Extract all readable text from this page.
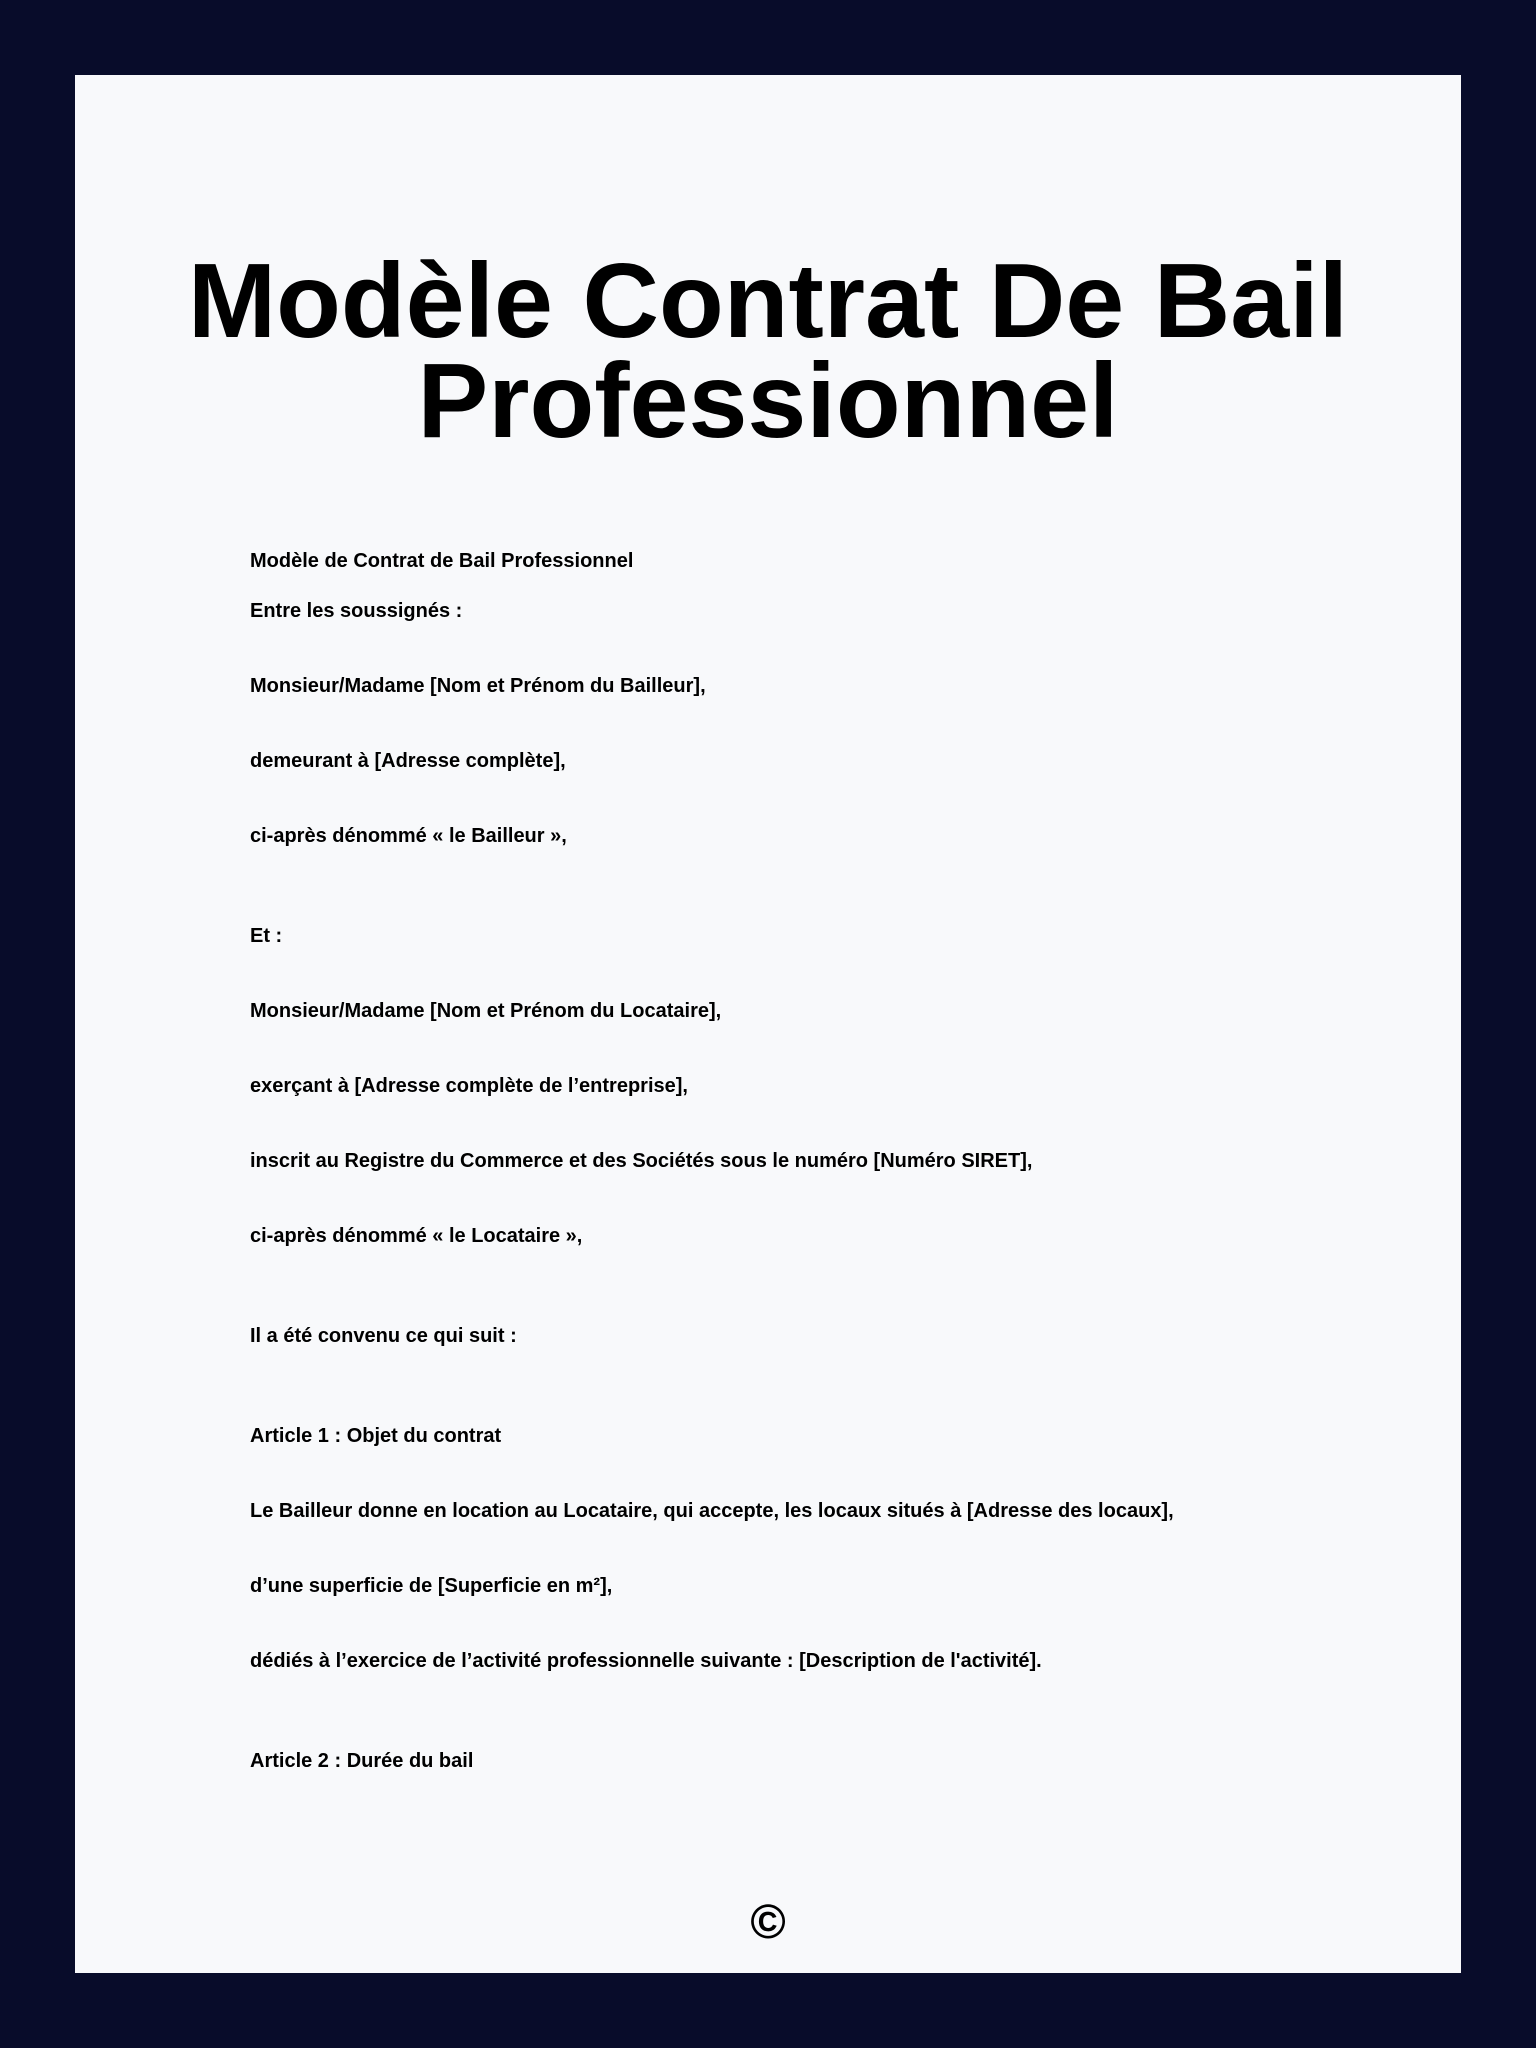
Modèle Contrat De Bail
Professionnel
Modèle de Contrat de Bail Professionnel
Entre les soussignés :
Monsieur/Madame [Nom et Prénom du Bailleur],
demeurant à [Adresse complète],
ci-après dénommé « le Bailleur »,
Et :
Monsieur/Madame [Nom et Prénom du Locataire],
exerçant à [Adresse complète de l’entreprise],
inscrit au Registre du Commerce et des Sociétés sous le numéro [Numéro SIRET],
ci-après dénommé « le Locataire »,
Il a été convenu ce qui suit :
Article 1 : Objet du contrat
Le Bailleur donne en location au Locataire, qui accepte, les locaux situés à [Adresse des locaux],
d’une superficie de [Superficie en m²],
dédiés à l’exercice de l’activité professionnelle suivante : [Description de l'activité].
Article 2 : Durée du bail
©
